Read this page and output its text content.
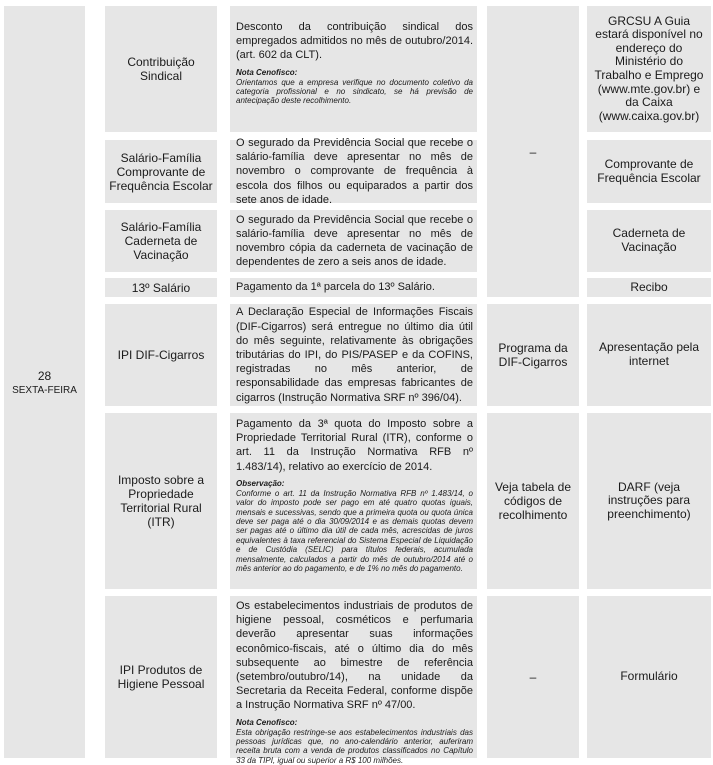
28
SEXTA-FEIRA
Contribuição Sindical
Salário-Família Comprovante de Frequência Escolar
Salário-Família Caderneta de Vacinação
13º Salário
IPI DIF-Cigarros
Imposto sobre a Propriedade Territorial Rural (ITR)
IPI Produtos de Higiene Pessoal

Desconto da contribuição sindical dos empregados admitidos no mês de outubro/2014. (art. 602 da CLT).

Nota Cenofisco:

Orientamos que a empresa verifique no documento coletivo da categoria profissional e no sindicato, se há previsão de antecipação deste recolhimento.

O segurado da Previdência Social que recebe o salário-família deve apresentar no mês de novembro o comprovante de frequência à escola dos filhos ou equiparados a partir dos sete anos de idade.

O segurado da Previdência Social que recebe o salário-família deve apresentar no mês de novembro cópia da caderneta de vacinação de dependentes de zero a seis anos de idade.

Pagamento da 1ª parcela do 13º Salário.

A Declaração Especial de Informações Fiscais (DIF-Cigarros) será entregue no último dia útil do mês seguinte, relativamente às obrigações tributárias do IPI, do PIS/PASEP e da COFINS, registradas no mês anterior, de responsabilidade das empresas fabricantes de cigarros (Instrução Normativa SRF nº 396/04).

Pagamento da 3ª quota do Imposto sobre a Propriedade Territorial Rural (ITR), conforme o art. 11 da Instrução Normativa RFB nº 1.483/14), relativo ao exercício de 2014.

Observação:

Conforme o art. 11 da Instrução Normativa RFB nº 1.483/14, o valor do imposto pode ser pago em até quatro quotas iguais, mensais e sucessivas, sendo que a primeira quota ou quota única deve ser paga até o dia 30/09/2014 e as demais quotas devem ser pagas até o último dia útil de cada mês, acrescidas de juros equivalentes à taxa referencial do Sistema Especial de Liquidação e de Custódia (SELIC) para títulos federais, acumulada mensalmente, calculados a partir do mês de outubro/2014 até o mês anterior ao do pagamento, e de 1% no mês do pagamento.

Os estabelecimentos industriais de produtos de higiene pessoal, cosméticos e perfumaria deverão apresentar suas informações econômico-fiscais, até o último dia do mês subsequente ao bimestre de referência (setembro/outubro/14), na unidade da Secretaria da Receita Federal, conforme dispõe a Instrução Normativa SRF nº 47/00.

Nota Cenofisco:

Esta obrigação restringe-se aos estabelecimentos industriais das pessoas jurídicas que, no ano-calendário anterior, auferiram receita bruta com a venda de produtos classificados no Capítulo 33 da TIPI, igual ou superior a R$ 100 milhões.

–
Programa da DIF-Cigarros
Veja tabela de códigos de recolhimento
–
GRCSU A Guia estará disponível no endereço do Ministério do Trabalho e Emprego (www.mte.gov.br) e da Caixa (www.caixa.gov.br)
Comprovante de Frequência Escolar
Caderneta de Vacinação
Recibo
Apresentação pela internet
DARF (veja instruções para preenchimento)
Formulário
